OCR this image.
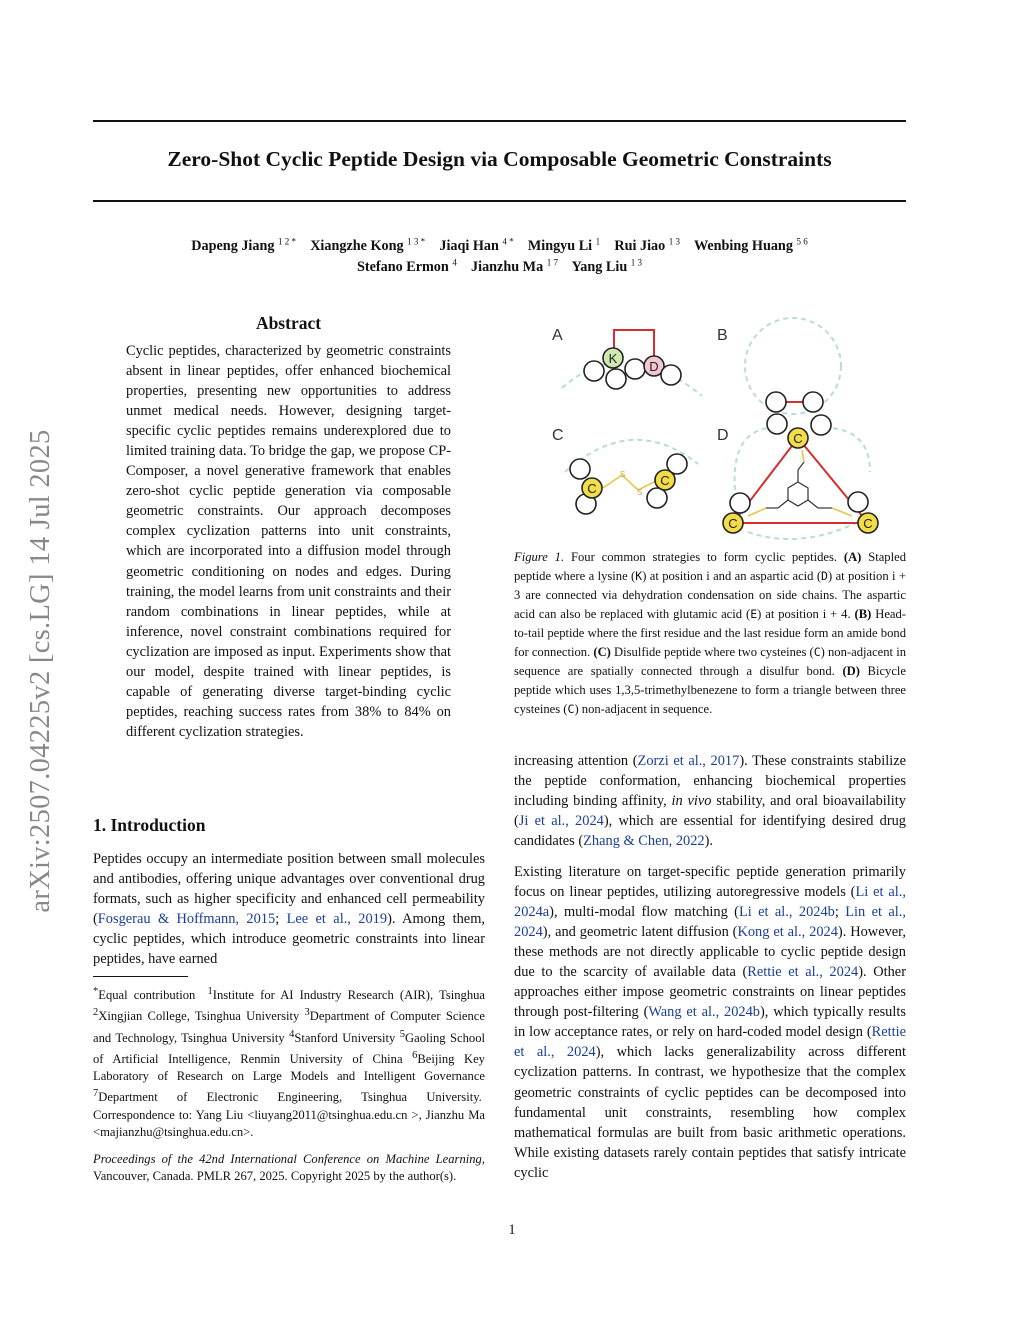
Zero-Shot Cyclic Peptide Design via Composable Geometric Constraints
Dapeng Jiang $^{1 2 *}$ Xiangzhe Kong $^{1 3 *}$ Jiaqi Han $^{4 *}$ Mingyu Li $^1$ Rui Jiao $^{1 3}$ Wenbing Huang $^{5 6}$
Stefano Ermon $^4$ Jianzhu Ma $^{1 7}$ Yang Liu $^{1 3}$
arXiv:2507.04225v2 [cs.LG] 14 Jul 2025
Abstract

Cyclic peptides, characterized by geometric constraints absent in linear peptides, offer enhanced biochemical properties, presenting new opportunities to address unmet medical needs. However, designing target-specific cyclic peptides remains underexplored due to limited training data. To bridge the gap, we propose CP-Composer, a novel generative framework that enables zero-shot cyclic peptide generation via composable geometric constraints. Our approach decomposes complex cyclization patterns into unit constraints, which are incorporated into a diffusion model through geometric conditioning on nodes and edges. During training, the model learns from unit constraints and their random combinations in linear peptides, while at inference, novel constraint combinations required for cyclization are imposed as input. Experiments show that our model, despite trained with linear peptides, is capable of generating diverse target-binding cyclic peptides, reaching success rates from 38% to 84% on different cyclization strategies.

1. Introduction

Peptides occupy an intermediate position between small molecules and antibodies, offering unique advantages over conventional drug formats, such as higher specificity and enhanced cell permeability (Fosgerau & Hoffmann, 2015; Lee et al., 2019). Among them, cyclic peptides, which introduce geometric constraints into linear peptides, have earned

*Equal contribution $^1$Institute for AI Industry Research (AIR), Tsinghua $^2$Xingjian College, Tsinghua University $^3$Department of Computer Science and Technology, Tsinghua University $^4$Stanford University $^5$Gaoling School of Artificial Intelligence, Renmin University of China $^6$Beijing Key Laboratory of Research on Large Models and Intelligent Governance $^7$Department of Electronic Engineering, Tsinghua University.  Correspondence to: Yang Liu <liuyang2011@tsinghua.edu.cn >, Jianzhu Ma <majianzhu@tsinghua.edu.cn>.

Proceedings of the 42nd International Conference on Machine Learning, Vancouver, Canada. PMLR 267, 2025. Copyright 2025 by the author(s).

A
K
D
B
C
S
S
C
C
D	C
C	C

Figure 1. Four common strategies to form cyclic peptides. (A) Stapled peptide where a lysine (K) at position i and an aspartic acid (D) at position i + 3 are connected via dehydration condensation on side chains. The aspartic acid can also be replaced with glutamic acid (E) at position i + 4. (B) Head-to-tail peptide where the first residue and the last residue form an amide bond for connection. (C) Disulfide peptide where two cysteines (C) non-adjacent in sequence are spatially connected through a disulfur bond. (D) Bicycle peptide which uses 1,3,5-trimethylbenezene to form a triangle between three cysteines (C) non-adjacent in sequence.

increasing attention (Zorzi et al., 2017). These constraints stabilize the peptide conformation, enhancing biochemical properties including binding affinity, in vivo stability, and oral bioavailability (Ji et al., 2024), which are essential for identifying desired drug candidates (Zhang & Chen, 2022).

Existing literature on target-specific peptide generation primarily focus on linear peptides, utilizing autoregressive models (Li et al., 2024a), multi-modal flow matching (Li et al., 2024b; Lin et al., 2024), and geometric latent diffusion (Kong et al., 2024). However, these methods are not directly applicable to cyclic peptide design due to the scarcity of available data (Rettie et al., 2024). Other approaches either impose geometric constraints on linear peptides through post-filtering (Wang et al., 2024b), which typically results in low acceptance rates, or rely on hard-coded model design (Rettie et al., 2024), which lacks generalizability across different cyclization patterns. In contrast, we hypothesize that the complex geometric constraints of cyclic peptides can be decomposed into fundamental unit constraints, resembling how complex mathematical formulas are built from basic arithmetic operations. While existing datasets rarely contain peptides that satisfy intricate cyclic

1
